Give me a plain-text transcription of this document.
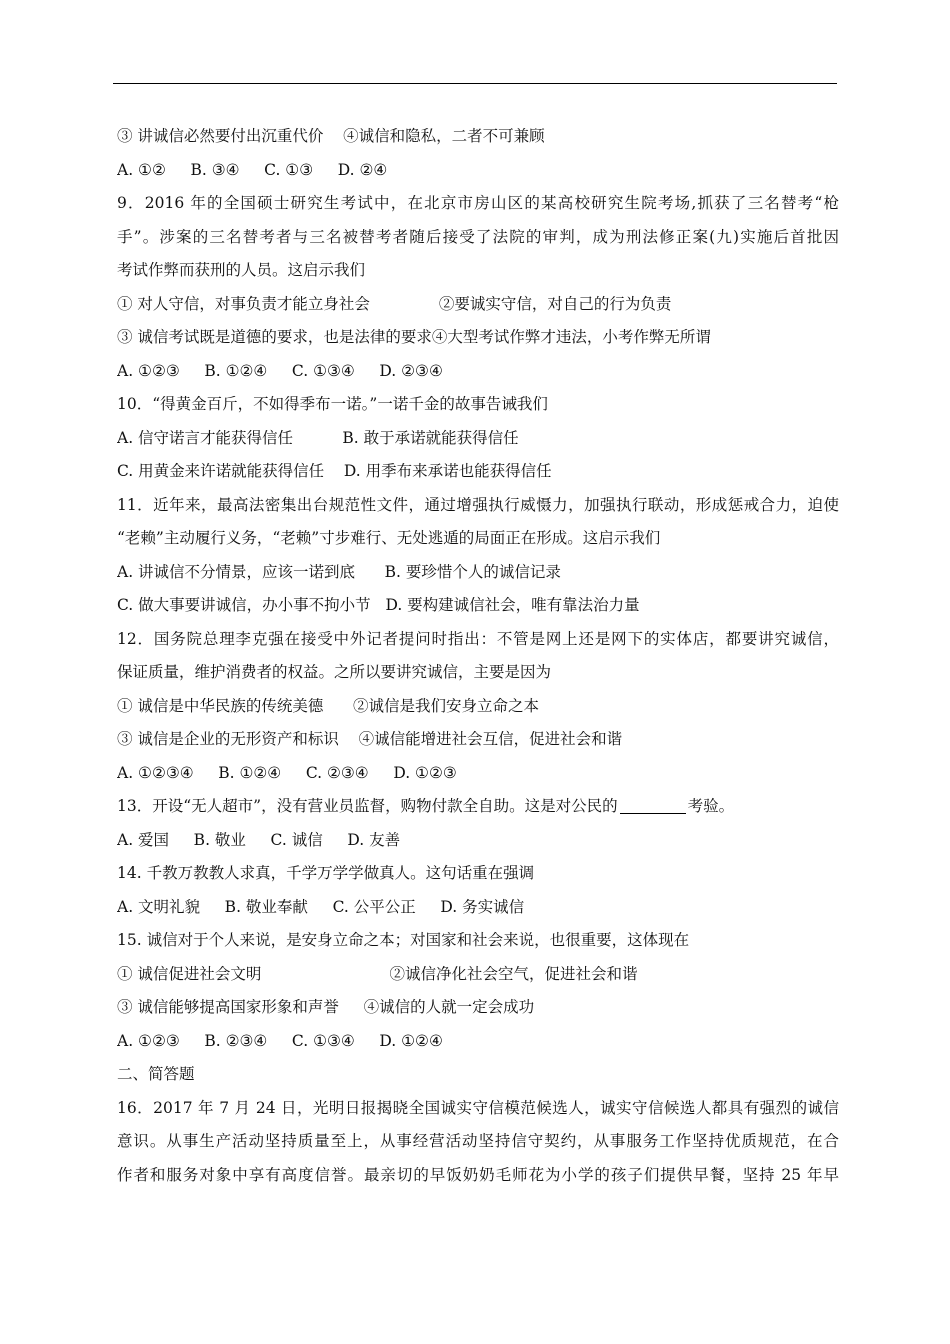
③ 讲诚信必然要付出沉重代价    ④诚信和隐私，二者不可兼顾
A. ①②     B. ③④     C. ①③     D. ②④
9．2016 年的全国硕士研究生考试中，在北京市房山区的某高校研究生院考场,抓获了三名替考“枪
手”。涉案的三名替考者与三名被替考者随后接受了法院的审判，成为刑法修正案(九)实施后首批因
考试作弊而获刑的人员。这启示我们
① 对人守信，对事负责才能立身社会              ②要诚实守信，对自己的行为负责
③ 诚信考试既是道德的要求，也是法律的要求④大型考试作弊才违法，小考作弊无所谓
A. ①②③     B. ①②④     C. ①③④     D. ②③④
10．“得黄金百斤，不如得季布一诺。”一诺千金的故事告诫我们
A. 信守诺言才能获得信任          B. 敢于承诺就能获得信任
C. 用黄金来许诺就能获得信任    D. 用季布来承诺也能获得信任
11．近年来，最高法密集出台规范性文件，通过增强执行威慑力，加强执行联动，形成惩戒合力，迫使
“老赖”主动履行义务，“老赖”寸步难行、无处逃遁的局面正在形成。这启示我们
A. 讲诚信不分情景，应该一诺到底      B. 要珍惜个人的诚信记录
C. 做大事要讲诚信，办小事不拘小节   D. 要构建诚信社会，唯有靠法治力量
12．国务院总理李克强在接受中外记者提问时指出：不管是网上还是网下的实体店，都要讲究诚信，
保证质量，维护消费者的权益。之所以要讲究诚信，主要是因为
① 诚信是中华民族的传统美德      ②诚信是我们安身立命之本
③ 诚信是企业的无形资产和标识    ④诚信能增进社会互信，促进社会和谐
A. ①②③④     B. ①②④     C. ②③④     D. ①②③
13．开设“无人超市”，没有营业员监督，购物付款全自助。这是对公民的	考验。
A. 爱国     B. 敬业     C. 诚信     D. 友善
14. 千教万教教人求真，千学万学学做真人。这句话重在强调
A. 文明礼貌     B. 敬业奉献     C. 公平公正     D. 务实诚信
15. 诚信对于个人来说，是安身立命之本；对国家和社会来说，也很重要，这体现在
① 诚信促进社会文明                          ②诚信净化社会空气，促进社会和谐
③ 诚信能够提高国家形象和声誉     ④诚信的人就一定会成功
A. ①②③     B. ②③④     C. ①③④     D. ①②④
二、简答题
16．2017 年 7 月 24 日，光明日报揭晓全国诚实守信模范候选人，诚实守信候选人都具有强烈的诚信
意识。从事生产活动坚持质量至上，从事经营活动坚持信守契约，从事服务工作坚持优质规范，在合
作者和服务对象中享有高度信誉。最亲切的早饭奶奶毛师花为小学的孩子们提供早餐，坚持 25 年早
